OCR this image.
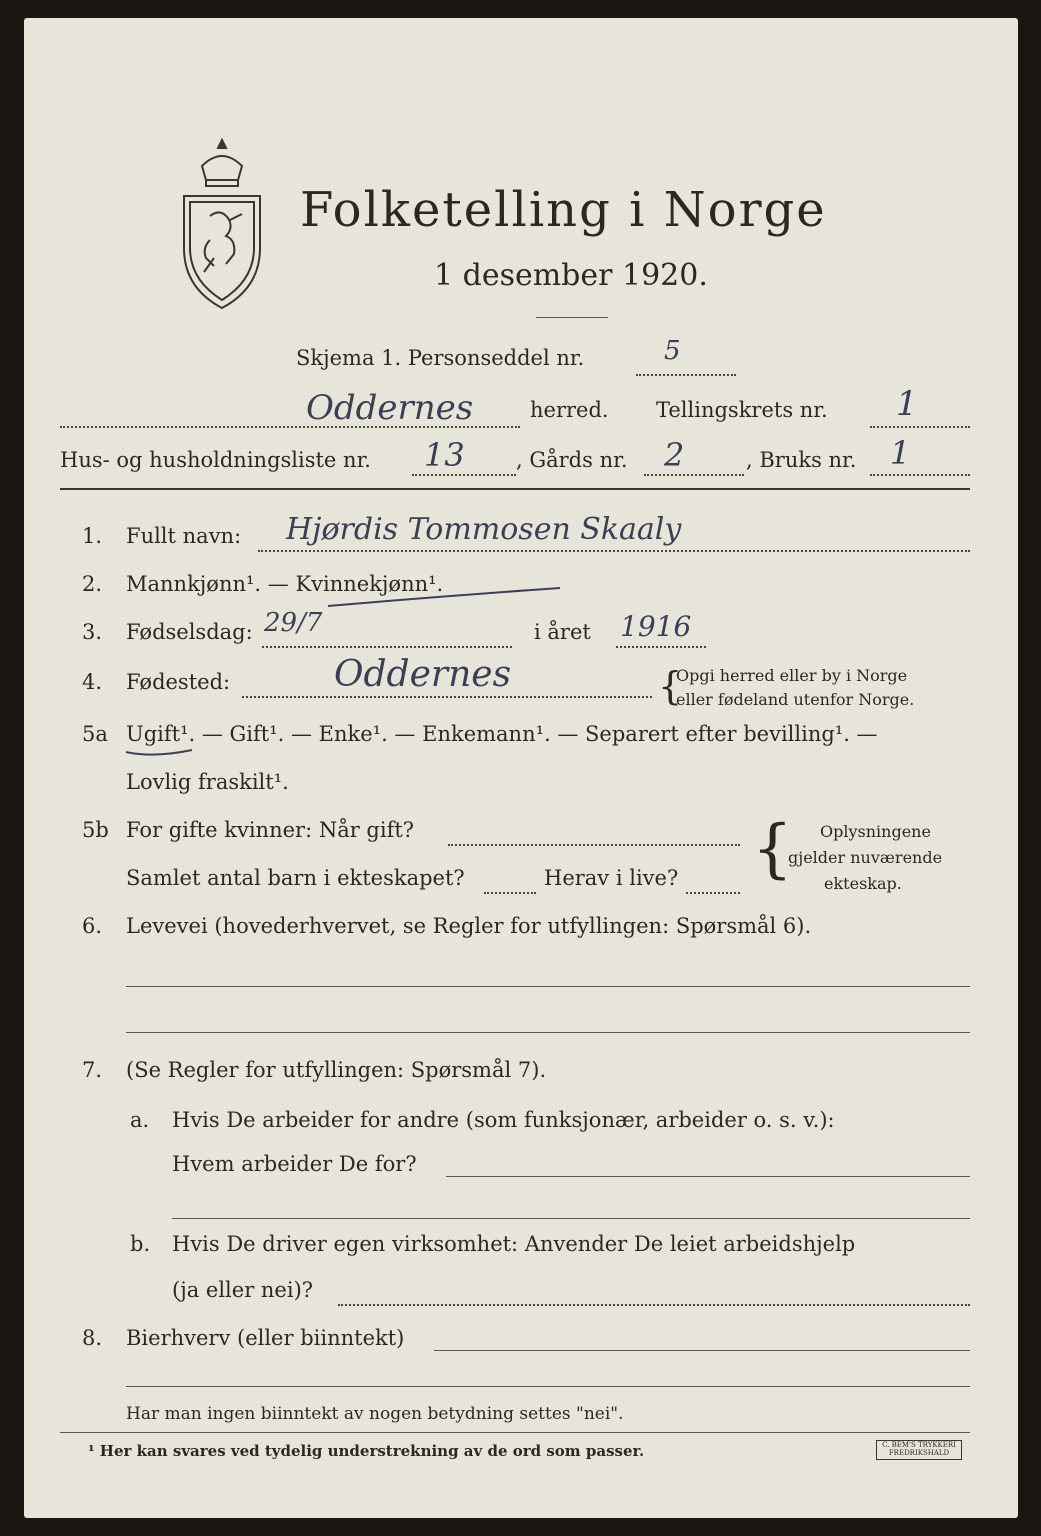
Folketelling i Norge
1 desember 1920.
Skjema 1. Personseddel nr.	5
Oddernes	herred. Tellingskrets nr. 1
Hus- og husholdningsliste nr. 13 , Gårds nr. 2	, Bruks nr. 1
1. Fullt navn: Hjørdis Tommosen Skaaly
2. Mannkjønn¹. — Kvinnekjønn¹.
3. Fødselsdag: 29/7	i året 1916
4. Fødested:	Oddernes	{
Opgi herred eller by i Norge
eller fødeland utenfor Norge.
5a Ugift¹. — Gift¹. — Enke¹. — Enkemann¹. — Separert efter bevilling¹. —
Lovlig fraskilt¹.
5b For gifte kvinner: Når gift?
Samlet antal barn i ekteskapet?	Herav i live? { Oplysningene
gjelder nuværende
ekteskap.
6. Levevei (hovederhvervet, se Regler for utfyllingen: Spørsmål 6).
7. (Se Regler for utfyllingen: Spørsmål 7).
a. Hvis De arbeider for andre (som funksjonær, arbeider o. s. v.):
Hvem arbeider De for?
b. Hvis De driver egen virksomhet: Anvender De leiet arbeidshjelp
(ja eller nei)?
8. Bierhverv (eller biinntekt)
Har man ingen biinntekt av nogen betydning settes "nei".
¹ Her kan svares ved tydelig understrekning av de ord som passer.	C. BEM'S TRYKKERI FREDRIKSHALD
